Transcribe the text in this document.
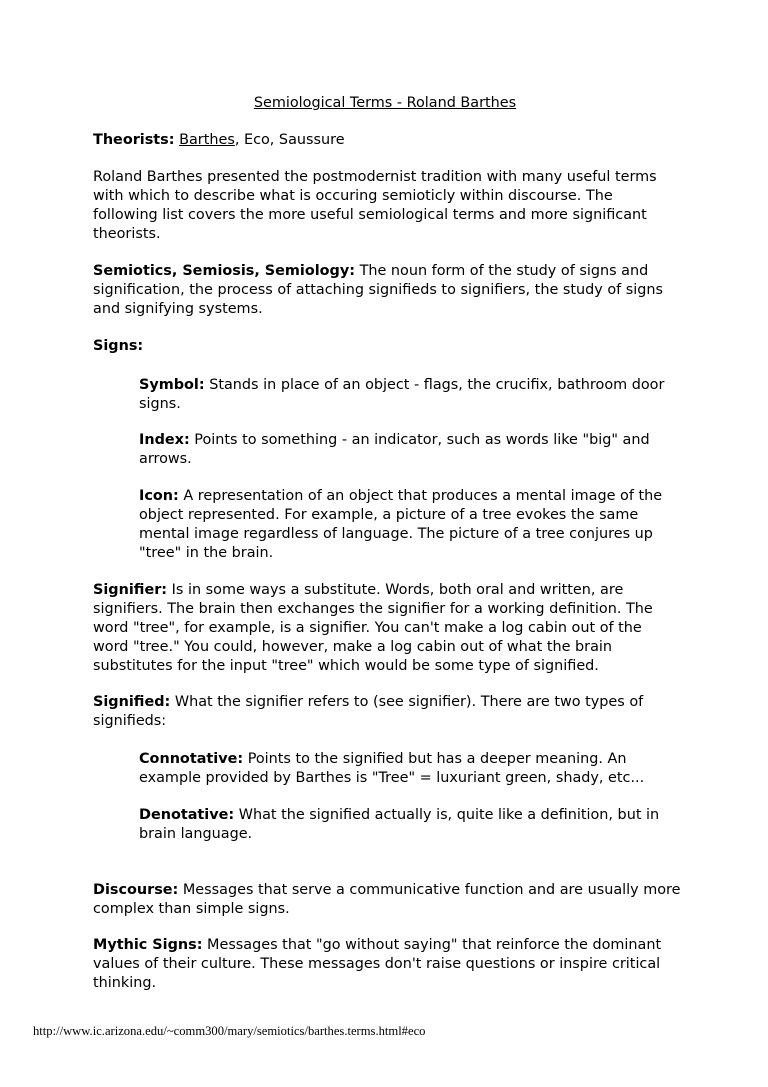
Semiological Terms - Roland Barthes

Theorists: Barthes, Eco, Saussure

Roland Barthes presented the postmodernist tradition with many useful terms
with which to describe what is occuring semioticly within discourse. The
following list covers the more useful semiological terms and more significant
theorists.

Semiotics, Semiosis, Semiology: The noun form of the study of signs and
signification, the process of attaching signifieds to signifiers, the study of signs
and signifying systems.

Signs:

Symbol: Stands in place of an object - flags, the crucifix, bathroom door
signs.

Index: Points to something - an indicator, such as words like "big" and
arrows.

Icon: A representation of an object that produces a mental image of the
object represented. For example, a picture of a tree evokes the same
mental image regardless of language. The picture of a tree conjures up
"tree" in the brain.

Signifier: Is in some ways a substitute. Words, both oral and written, are
signifiers. The brain then exchanges the signifier for a working definition. The
word "tree", for example, is a signifier. You can't make a log cabin out of the
word "tree." You could, however, make a log cabin out of what the brain
substitutes for the input "tree" which would be some type of signified.

Signified: What the signifier refers to (see signifier). There are two types of
signifieds:

Connotative: Points to the signified but has a deeper meaning. An
example provided by Barthes is "Tree" = luxuriant green, shady, etc...

Denotative: What the signified actually is, quite like a definition, but in
brain language.

Discourse: Messages that serve a communicative function and are usually more
complex than simple signs.

Mythic Signs: Messages that "go without saying" that reinforce the dominant
values of their culture. These messages don't raise questions or inspire critical
thinking.

http://www.ic.arizona.edu/~comm300/mary/semiotics/barthes.terms.html#eco
